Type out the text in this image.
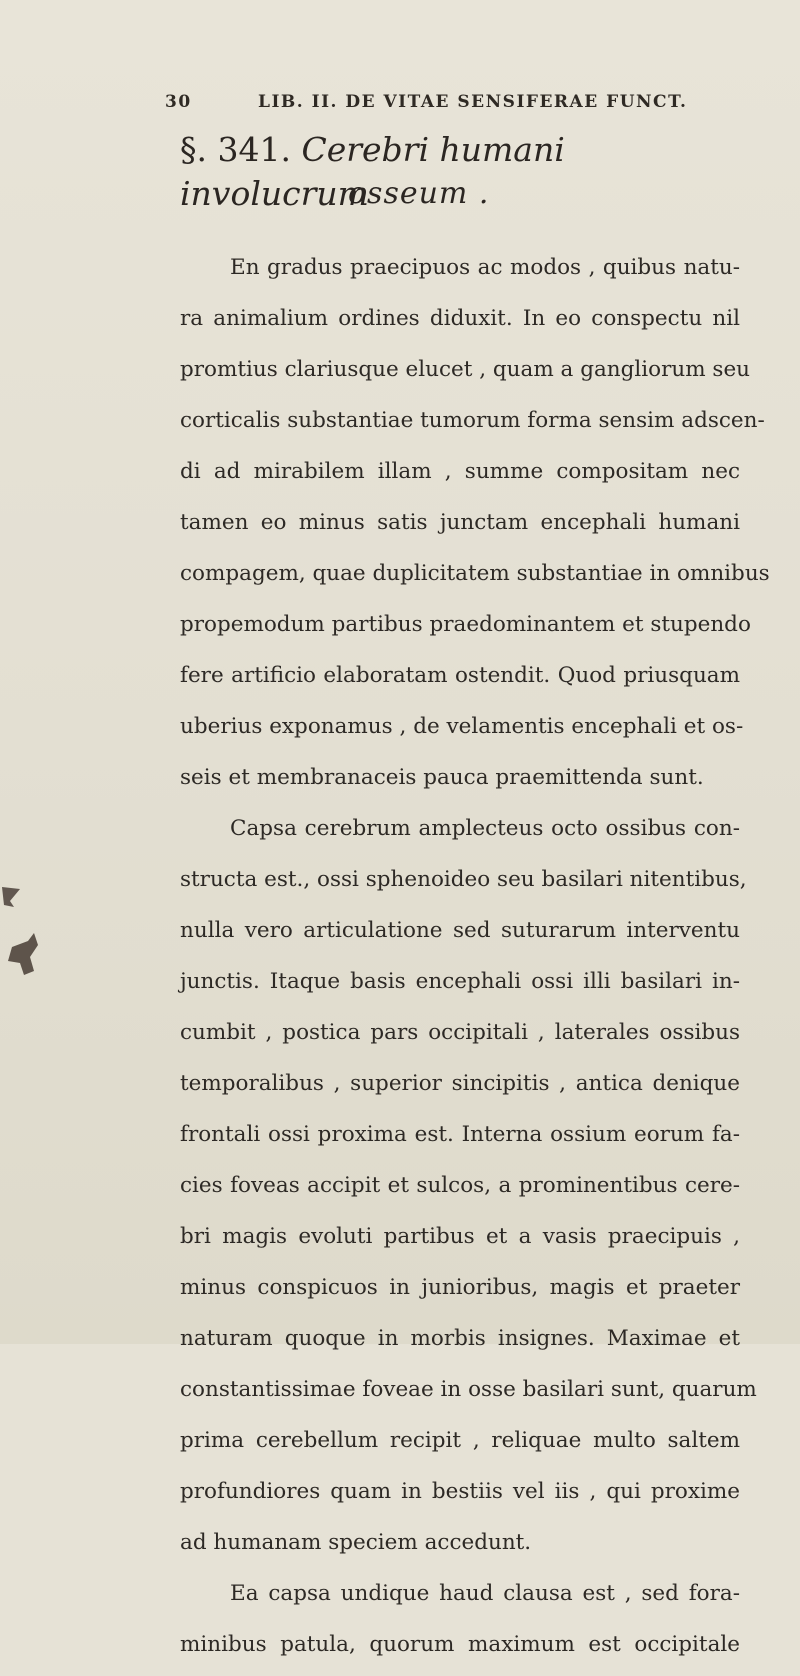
30	LIB. II. DE VITAE SENSIFERAE FUNCT.
§. 341. Cerebri humani involucrum
osseum .
En gradus praecipuos ac modos , quibus natu-
ra animalium ordines diduxit. In eo conspectu nil
promtius clariusque elucet , quam a gangliorum seu
corticalis substantiae tumorum forma sensim adscen-
di ad mirabilem illam , summe compositam nec
tamen eo minus satis junctam encephali humani
compagem, quae duplicitatem substantiae in omnibus
propemodum partibus praedominantem et stupendo
fere artificio elaboratam ostendit. Quod priusquam
uberius exponamus , de velamentis encephali et os-
seis et membranaceis pauca praemittenda sunt.
Capsa cerebrum amplecteus octo ossibus con-
structa est., ossi sphenoideo seu basilari nitentibus,
nulla vero articulatione sed suturarum interventu
junctis. Itaque basis encephali ossi illi basilari in-
cumbit , postica pars occipitali , laterales ossibus
temporalibus , superior sincipitis , antica denique
frontali ossi proxima est. Interna ossium eorum fa-
cies foveas accipit et sulcos, a prominentibus cere-
bri magis evoluti partibus et a vasis praecipuis ,
minus conspicuos in junioribus, magis et praeter
naturam quoque in morbis insignes. Maximae et
constantissimae foveae in osse basilari sunt, quarum
prima cerebellum recipit , reliquae multo saltem
profundiores quam in bestiis vel iis , qui proxime
ad humanam speciem accedunt.
Ea capsa undique haud clausa est , sed fora-
minibus patula, quorum maximum est occipitale
